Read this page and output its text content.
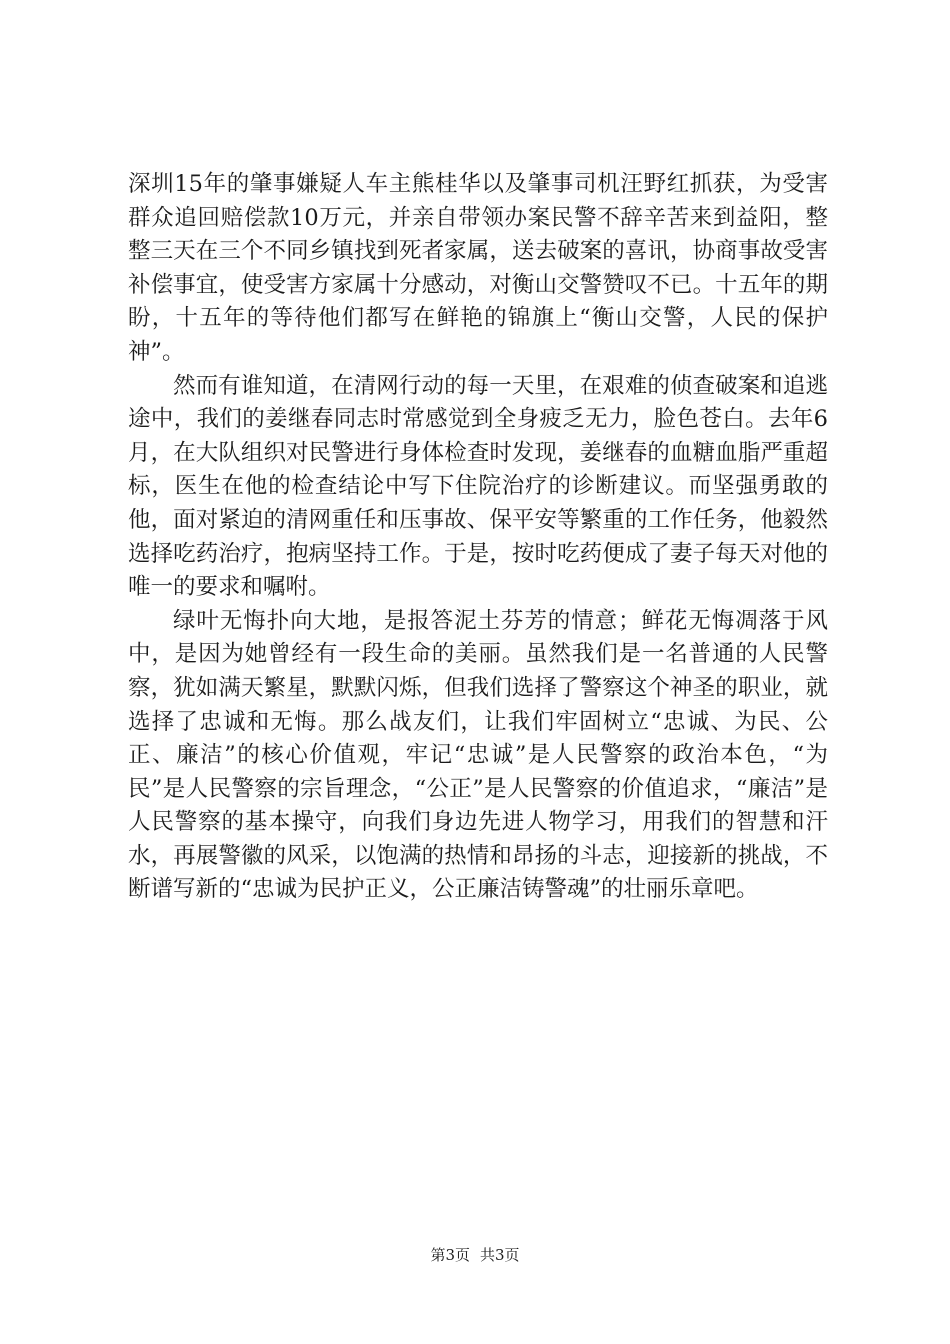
深圳15年的肇事嫌疑人车主熊桂华以及肇事司机汪野红抓获，为受害群众追回赔偿款10万元，并亲自带领办案民警不辞辛苦来到益阳，整整三天在三个不同乡镇找到死者家属，送去破案的喜讯，协商事故受害补偿事宜，使受害方家属十分感动，对衡山交警赞叹不已。十五年的期盼，十五年的等待他们都写在鲜艳的锦旗上“衡山交警，人民的保护神”。

然而有谁知道，在清网行动的每一天里，在艰难的侦查破案和追逃途中，我们的姜继春同志时常感觉到全身疲乏无力，脸色苍白。去年6月，在大队组织对民警进行身体检查时发现，姜继春的血糖血脂严重超标，医生在他的检查结论中写下住院治疗的诊断建议。而坚强勇敢的他，面对紧迫的清网重任和压事故、保平安等繁重的工作任务，他毅然选择吃药治疗，抱病坚持工作。于是，按时吃药便成了妻子每天对他的唯一的要求和嘱咐。

绿叶无悔扑向大地，是报答泥土芬芳的情意；鲜花无悔凋落于风中，是因为她曾经有一段生命的美丽。虽然我们是一名普通的人民警察，犹如满天繁星，默默闪烁，但我们选择了警察这个神圣的职业，就选择了忠诚和无悔。那么战友们，让我们牢固树立“忠诚、为民、公正、廉洁”的核心价值观，牢记“忠诚”是人民警察的政治本色，“为民”是人民警察的宗旨理念，“公正”是人民警察的价值追求，“廉洁”是人民警察的基本操守，向我们身边先进人物学习，用我们的智慧和汗水，再展警徽的风采，以饱满的热情和昂扬的斗志，迎接新的挑战，不断谱写新的“忠诚为民护正义，公正廉洁铸警魂”的壮丽乐章吧。

第3页 共3页
